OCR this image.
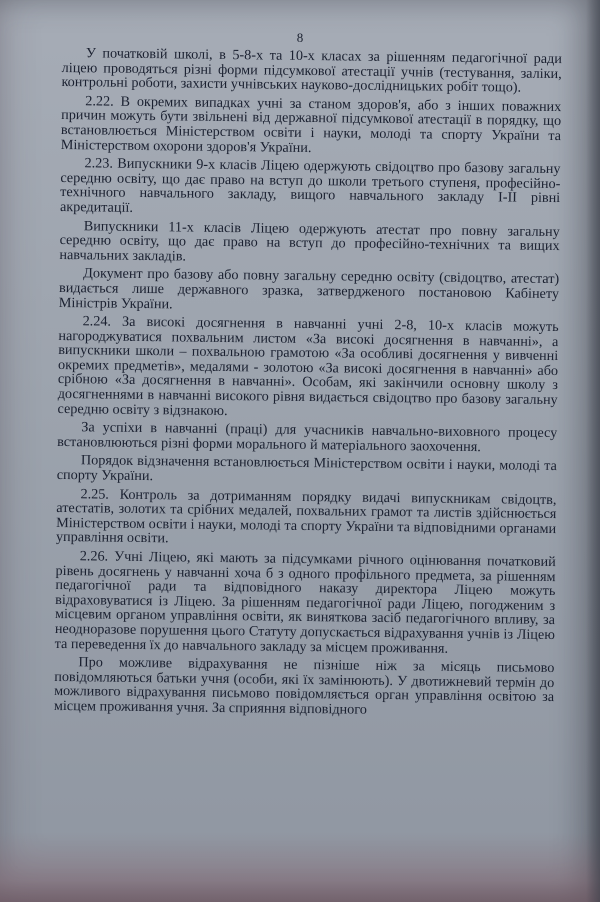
8

У початковій школі, в 5-8-х та 10-х класах за рішенням педагогічної ради ліцею проводяться різні форми підсумкової атестації учнів (тестування, заліки, контрольні роботи, захисти учнівських науково-дослідницьких робіт тощо).

2.22. В окремих випадках учні за станом здоров'я, або з інших поважних причин можуть бути звільнені від державної підсумкової атестації в порядку, що встановлюється Міністерством освіти і науки, молоді та спорту України та Міністерством охорони здоров'я України.

2.23. Випускники 9-х класів Ліцею одержують свідоцтво про базову загальну середню освіту, що дає право на вступ до школи третього ступеня, професійно-технічного навчального закладу, вищого навчального закладу І-ІІ рівні акредитації.

Випускники 11-х класів Ліцею одержують атестат про повну загальну середню освіту, що дає право на вступ до професійно-технічних та вищих навчальних закладів.

Документ про базову або повну загальну середню освіту (свідоцтво, атестат) видається лише державного зразка, затвердженого постановою Кабінету Міністрів України.

2.24. За високі досягнення в навчанні учні 2-8, 10-х класів можуть нагороджуватися похвальним листом «За високі досягнення в навчанні», а випускники школи – похвальною грамотою «За особливі досягнення у вивченні окремих предметів», медалями - золотою «За високі досягнення в навчанні» або срібною «За досягнення в навчанні». Особам, які закінчили основну школу з досягненнями в навчанні високого рівня видається свідоцтво про базову загальну середню освіту з відзнакою.

За успіхи в навчанні (праці) для учасників навчально-виховного процесу встановлюються різні форми морального й матеріального заохочення.

Порядок відзначення встановлюється Міністерством освіти і науки, молоді та спорту України.

2.25. Контроль за дотриманням порядку видачі випускникам свідоцтв, атестатів, золотих та срібних медалей, похвальних грамот та листів здійснюється Міністерством освіти і науки, молоді та спорту України та відповідними органами управління освіти.

2.26. Учні Ліцею, які мають за підсумками річного оцінювання початковий рівень досягнень у навчанні хоча б з одного профільного предмета, за рішенням педагогічної ради та відповідного наказу директора Ліцею можуть відраховуватися із Ліцею. За рішенням педагогічної ради Ліцею, погодженим з місцевим органом управління освіти, як виняткова засіб педагогічного впливу, за неодноразове порушення цього Статуту допускається відрахування учнів із Ліцею та переведення їх до навчального закладу за місцем проживання.

Про можливе відрахування не пізніше ніж за місяць письмово повідомляються батьки учня (особи, які їх замінюють). У двотижневий термін до можливого відрахування письмово повідомляється орган управління освітою за місцем проживання учня. За сприяння відповідного
